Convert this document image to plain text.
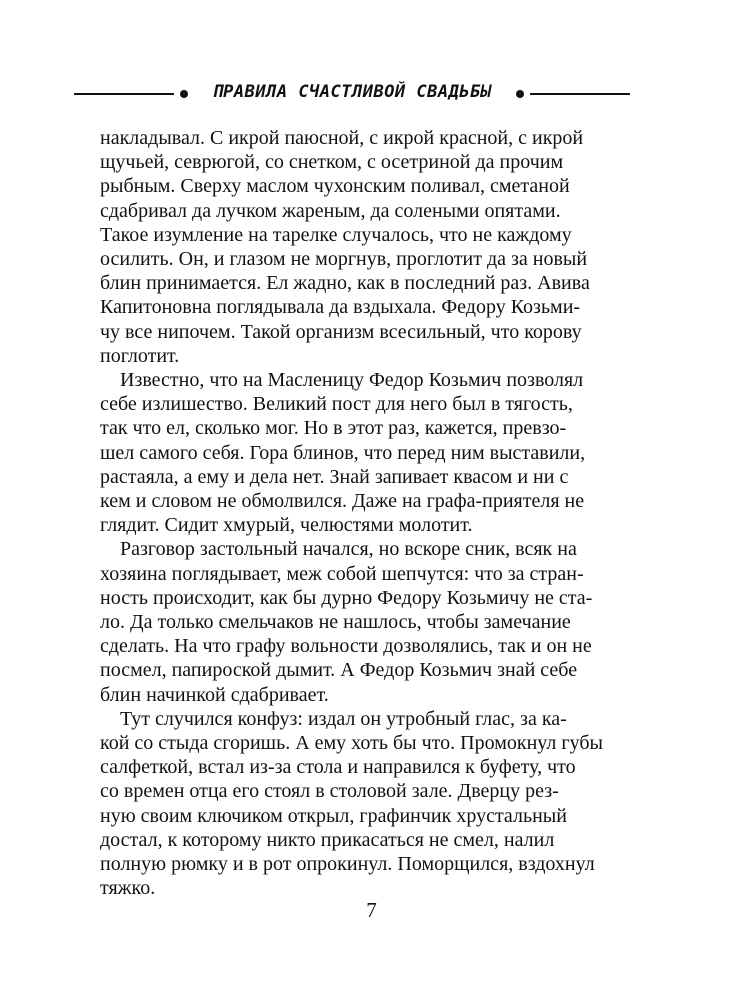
ПРАВИЛА СЧАСТЛИВОЙ СВАДЬБЫ
накладывал. С икрой паюсной, с икрой красной, с икрой
щучьей, севрюгой, со снетком, с осетриной да прочим
рыбным. Сверху маслом чухонским поливал, сметаной
сдабривал да лучком жареным, да солеными опятами.
Такое изумление на тарелке случалось, что не каждому
осилить. Он, и глазом не моргнув, проглотит да за новый
блин принимается. Ел жадно, как в последний раз. Авива
Капитоновна поглядывала да вздыхала. Федору Козьми-
чу все нипочем. Такой организм всесильный, что корову
поглотит.
Известно, что на Масленицу Федор Козьмич позволял
себе излишество. Великий пост для него был в тягость,
так что ел, сколько мог. Но в этот раз, кажется, превзо-
шел самого себя. Гора блинов, что перед ним выставили,
растаяла, а ему и дела нет. Знай запивает квасом и ни с
кем и словом не обмолвился. Даже на графа-приятеля не
глядит. Сидит хмурый, челюстями молотит.
Разговор застольный начался, но вскоре сник, всяк на
хозяина поглядывает, меж собой шепчутся: что за стран-
ность происходит, как бы дурно Федору Козьмичу не ста-
ло. Да только смельчаков не нашлось, чтобы замечание
сделать. На что графу вольности дозволялись, так и он не
посмел, папироской дымит. А Федор Козьмич знай себе
блин начинкой сдабривает.
Тут случился конфуз: издал он утробный глас, за ка-
кой со стыда сгоришь. А ему хоть бы что. Промокнул губы
салфеткой, встал из-за стола и направился к буфету, что
со времен отца его стоял в столовой зале. Дверцу рез-
ную своим ключиком открыл, графинчик хрустальный
достал, к которому никто прикасаться не смел, налил
полную рюмку и в рот опрокинул. Поморщился, вздохнул
тяжко.
7
